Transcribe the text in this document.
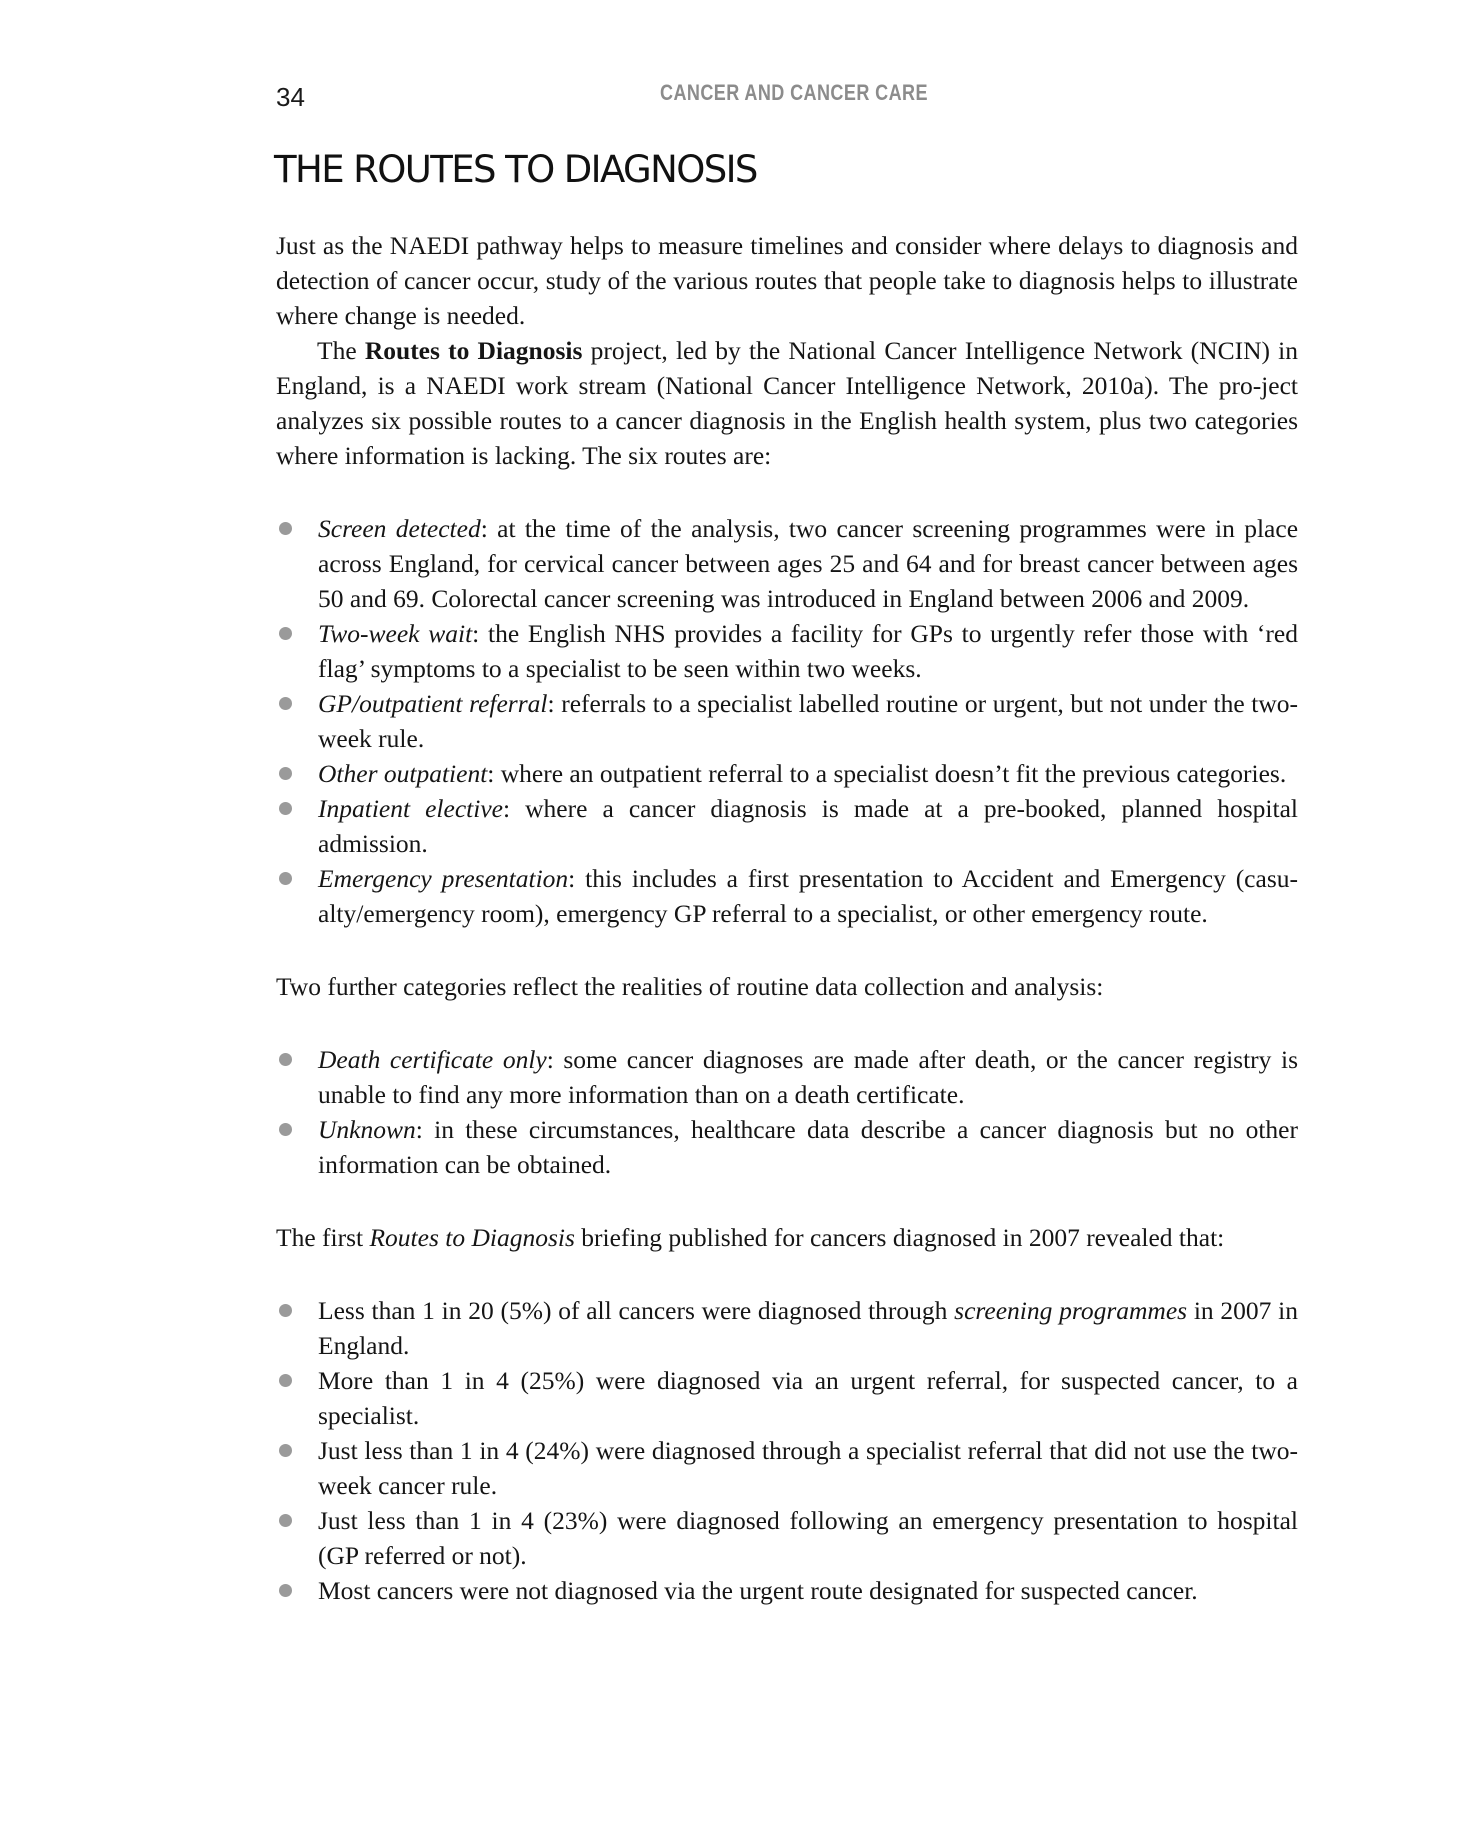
34	CANCER AND CANCER CARE
THE ROUTES TO DIAGNOSIS

Just as the NAEDI pathway helps to measure timelines and consider where delays to diagnosis and detection of cancer occur, study of the various routes that people take to diagnosis helps to illustrate where change is needed.

The Routes to Diagnosis project, led by the National Cancer Intelligence Network (NCIN) in England, is a NAEDI work stream (National Cancer Intelligence Network, 2010a). The pro-ject analyzes six possible routes to a cancer diagnosis in the English health system, plus two categories where information is lacking. The six routes are:

Screen detected: at the time of the analysis, two cancer screening programmes were in place across England, for cervical cancer between ages 25 and 64 and for breast cancer between ages 50 and 69. Colorectal cancer screening was introduced in England between 2006 and 2009.
Two-week wait: the English NHS provides a facility for GPs to urgently refer those with ‘red flag’ symptoms to a specialist to be seen within two weeks.
GP/outpatient referral: referrals to a specialist labelled routine or urgent, but not under the two-week rule.
Other outpatient: where an outpatient referral to a specialist doesn’t fit the previous categories.
Inpatient elective: where a cancer diagnosis is made at a pre-booked, planned hospital admission.
Emergency presentation: this includes a first presentation to Accident and Emergency (casu-alty/emergency room), emergency GP referral to a specialist, or other emergency route.

Two further categories reflect the realities of routine data collection and analysis:

Death certificate only: some cancer diagnoses are made after death, or the cancer registry is unable to find any more information than on a death certificate.
Unknown: in these circumstances, healthcare data describe a cancer diagnosis but no other information can be obtained.

The first Routes to Diagnosis briefing published for cancers diagnosed in 2007 revealed that:

Less than 1 in 20 (5%) of all cancers were diagnosed through screening programmes in 2007 in England.
More than 1 in 4 (25%) were diagnosed via an urgent referral, for suspected cancer, to a specialist.
Just less than 1 in 4 (24%) were diagnosed through a specialist referral that did not use the two-week cancer rule.
Just less than 1 in 4 (23%) were diagnosed following an emergency presentation to hospital (GP referred or not).
Most cancers were not diagnosed via the urgent route designated for suspected cancer.
